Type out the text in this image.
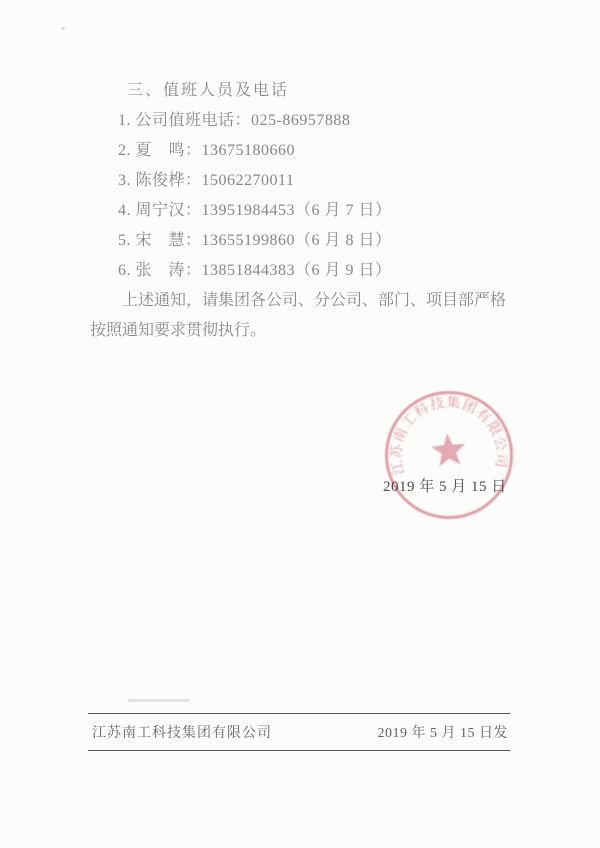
三、值班人员及电话
1. 公司值班电话：025-86957888
2. 夏　鸣：13675180660
3. 陈俊桦：15062270011
4. 周宁汉：13951984453（6 月 7 日）
5. 宋　慧：13655199860（6 月 8 日）
6. 张　涛：13851844383（6 月 9 日）
上述通知，请集团各公司、分公司、部门、项目部严格按照通知要求贯彻执行。
2019 年 5 月 15 日
江苏南工科技集团有限公司
江苏南工科技集团有限公司	2019 年 5 月 15 日发
